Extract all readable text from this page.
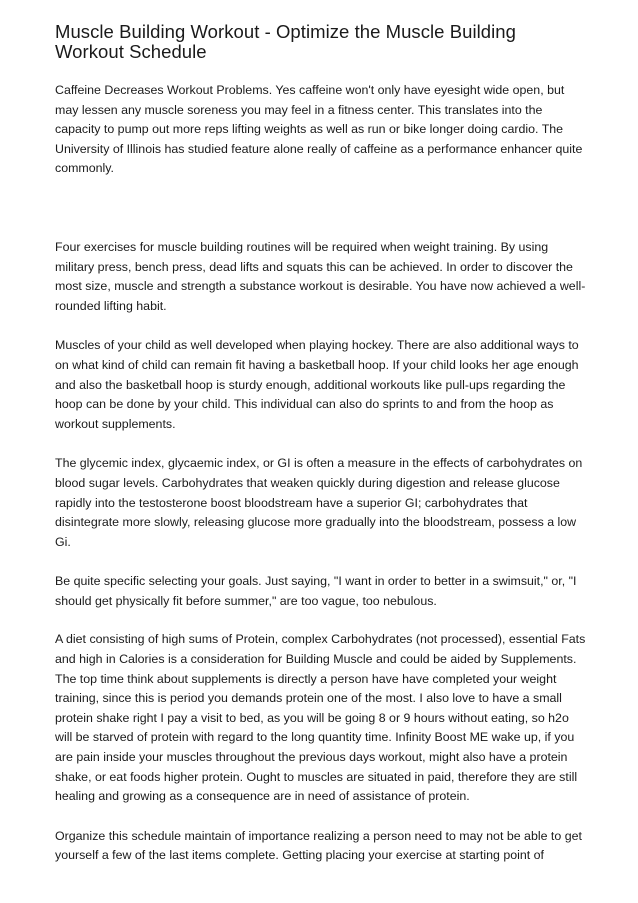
Muscle Building Workout - Optimize the Muscle Building Workout Schedule

Caffeine Decreases Workout Problems. Yes caffeine won't only have eyesight wide open, but may lessen any muscle soreness you may feel in a fitness center. This translates into the capacity to pump out more reps lifting weights as well as run or bike longer doing cardio. The University of Illinois has studied feature alone really of caffeine as a performance enhancer quite commonly.

Four exercises for muscle building routines will be required when weight training. By using military press, bench press, dead lifts and squats this can be achieved. In order to discover the most size, muscle and strength a substance workout is desirable. You have now achieved a well-rounded lifting habit.

Muscles of your child as well developed when playing hockey. There are also additional ways to on what kind of child can remain fit having a basketball hoop. If your child looks her age enough and also the basketball hoop is sturdy enough, additional workouts like pull-ups regarding the hoop can be done by your child. This individual can also do sprints to and from the hoop as workout supplements.

The glycemic index, glycaemic index, or GI is often a measure in the effects of carbohydrates on blood sugar levels. Carbohydrates that weaken quickly during digestion and release glucose rapidly into the testosterone boost bloodstream have a superior GI; carbohydrates that disintegrate more slowly, releasing glucose more gradually into the bloodstream, possess a low Gi.

Be quite specific selecting your goals. Just saying, "I want in order to better in a swimsuit," or, "I should get physically fit before summer," are too vague, too nebulous.

A diet consisting of high sums of Protein, complex Carbohydrates (not processed), essential Fats and high in Calories is a consideration for Building Muscle and could be aided by Supplements. The top time think about supplements is directly a person have have completed your weight training, since this is period you demands protein one of the most. I also love to have a small protein shake right I pay a visit to bed, as you will be going 8 or 9 hours without eating, so h2o will be starved of protein with regard to the long quantity time. Infinity Boost ME wake up, if you are pain inside your muscles throughout the previous days workout, might also have a protein shake, or eat foods higher protein. Ought to muscles are situated in paid, therefore they are still healing and growing as a consequence are in need of assistance of protein.

Organize this schedule maintain of importance realizing a person need to may not be able to get yourself a few of the last items complete. Getting placing your exercise at starting point of
